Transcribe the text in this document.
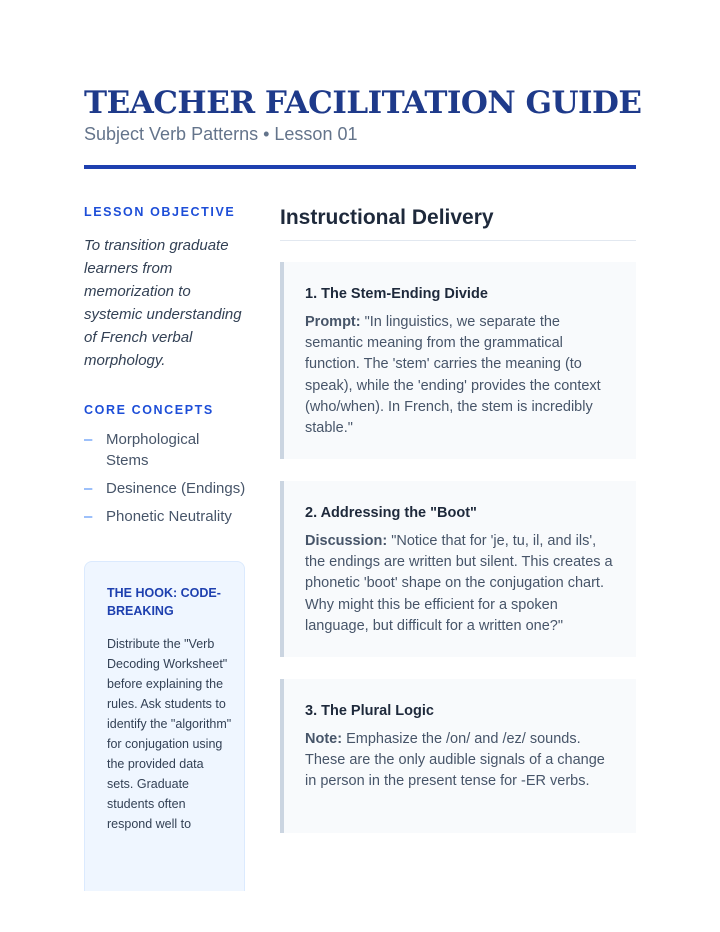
TEACHER FACILITATION GUIDE
Subject Verb Patterns • Lesson 01
LESSON OBJECTIVE

To transition graduate learners from memorization to systemic understanding of French verbal morphology.

CORE CONCEPTS
– Morphological Stems
– Desinence (Endings)
– Phonetic Neutrality
THE HOOK: CODE-BREAKING

Distribute the "Verb Decoding Worksheet" before explaining the rules. Ask students to identify the "algorithm" for conjugation using the provided data sets. Graduate students often respond well to

Instructional Delivery
1. The Stem-Ending Divide

Prompt: "In linguistics, we separate the semantic meaning from the grammatical function. The 'stem' carries the meaning (to speak), while the 'ending' provides the context (who/when). In French, the stem is incredibly stable."

2. Addressing the "Boot"

Discussion: "Notice that for 'je, tu, il, and ils', the endings are written but silent. This creates a phonetic 'boot' shape on the conjugation chart. Why might this be efficient for a spoken language, but difficult for a written one?"

3. The Plural Logic

Note: Emphasize the /on/ and /ez/ sounds. These are the only audible signals of a change in person in the present tense for -ER verbs.
